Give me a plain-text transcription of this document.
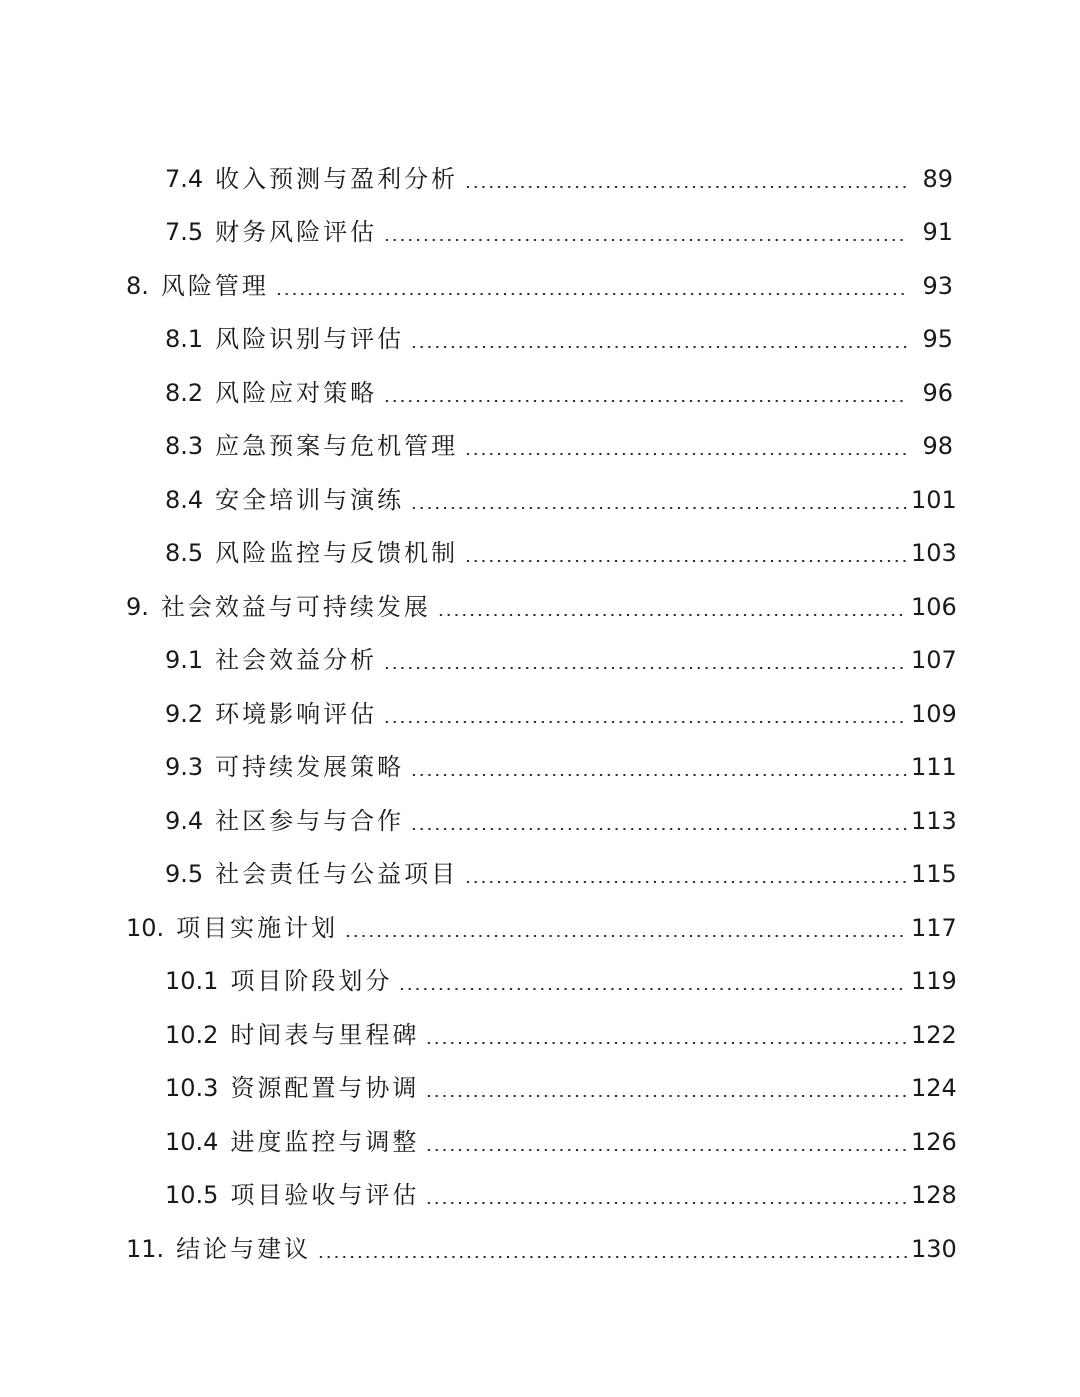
7.4 收入预测与盈利分析	89
7.5 财务风险评估	91
8. 风险管理	93
8.1 风险识别与评估	95
8.2 风险应对策略	96
8.3 应急预案与危机管理	98
8.4 安全培训与演练	101
8.5 风险监控与反馈机制	103
9. 社会效益与可持续发展	106
9.1 社会效益分析	107
9.2 环境影响评估	109
9.3 可持续发展策略	111
9.4 社区参与与合作	113
9.5 社会责任与公益项目	115
10. 项目实施计划	117
10.1 项目阶段划分	119
10.2 时间表与里程碑	122
10.3 资源配置与协调	124
10.4 进度监控与调整	126
10.5 项目验收与评估	128
11. 结论与建议	130
